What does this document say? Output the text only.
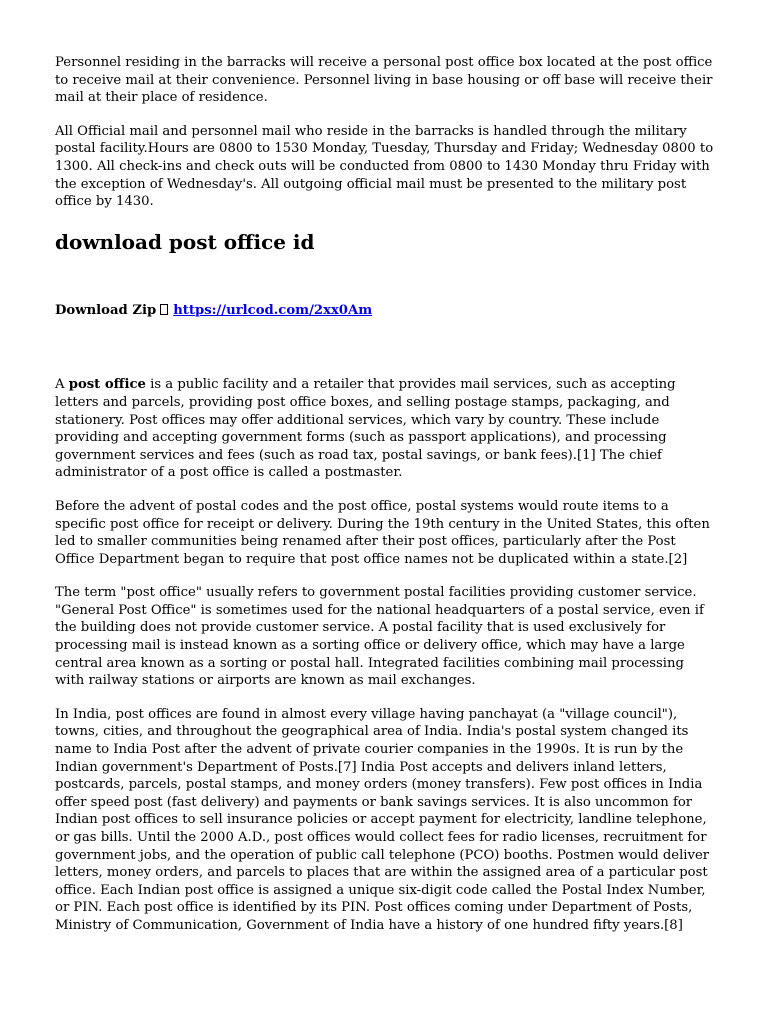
Personnel residing in the barracks will receive a personal post office box located at the post office to receive mail at their convenience. Personnel living in base housing or off base will receive their mail at their place of residence.

All Official mail and personnel mail who reside in the barracks is handled through the military postal facility.Hours are 0800 to 1530 Monday, Tuesday, Thursday and Friday; Wednesday 0800 to 1300. All check-ins and check outs will be conducted from 0800 to 1430 Monday thru Friday with the exception of Wednesday's. All outgoing official mail must be presented to the military post office by 1430.

download post office id
Download Zip https://urlcod.com/2xx0Am

A post office is a public facility and a retailer that provides mail services, such as accepting letters and parcels, providing post office boxes, and selling postage stamps, packaging, and stationery. Post offices may offer additional services, which vary by country. These include providing and accepting government forms (such as passport applications), and processing government services and fees (such as road tax, postal savings, or bank fees).[1] The chief administrator of a post office is called a postmaster.

Before the advent of postal codes and the post office, postal systems would route items to a specific post office for receipt or delivery. During the 19th century in the United States, this often led to smaller communities being renamed after their post offices, particularly after the Post Office Department began to require that post office names not be duplicated within a state.[2]

The term "post office" usually refers to government postal facilities providing customer service. "General Post Office" is sometimes used for the national headquarters of a postal service, even if the building does not provide customer service. A postal facility that is used exclusively for processing mail is instead known as a sorting office or delivery office, which may have a large central area known as a sorting or postal hall. Integrated facilities combining mail processing with railway stations or airports are known as mail exchanges.

In India, post offices are found in almost every village having panchayat (a "village council"), towns, cities, and throughout the geographical area of India. India's postal system changed its name to India Post after the advent of private courier companies in the 1990s. It is run by the Indian government's Department of Posts.[7] India Post accepts and delivers inland letters, postcards, parcels, postal stamps, and money orders (money transfers). Few post offices in India offer speed post (fast delivery) and payments or bank savings services. It is also uncommon for Indian post offices to sell insurance policies or accept payment for electricity, landline telephone, or gas bills. Until the 2000 A.D., post offices would collect fees for radio licenses, recruitment for government jobs, and the operation of public call telephone (PCO) booths. Postmen would deliver letters, money orders, and parcels to places that are within the assigned area of a particular post office. Each Indian post office is assigned a unique six-digit code called the Postal Index Number, or PIN. Each post office is identified by its PIN. Post offices coming under Department of Posts, Ministry of Communication, Government of India have a history of one hundred fifty years.[8]
